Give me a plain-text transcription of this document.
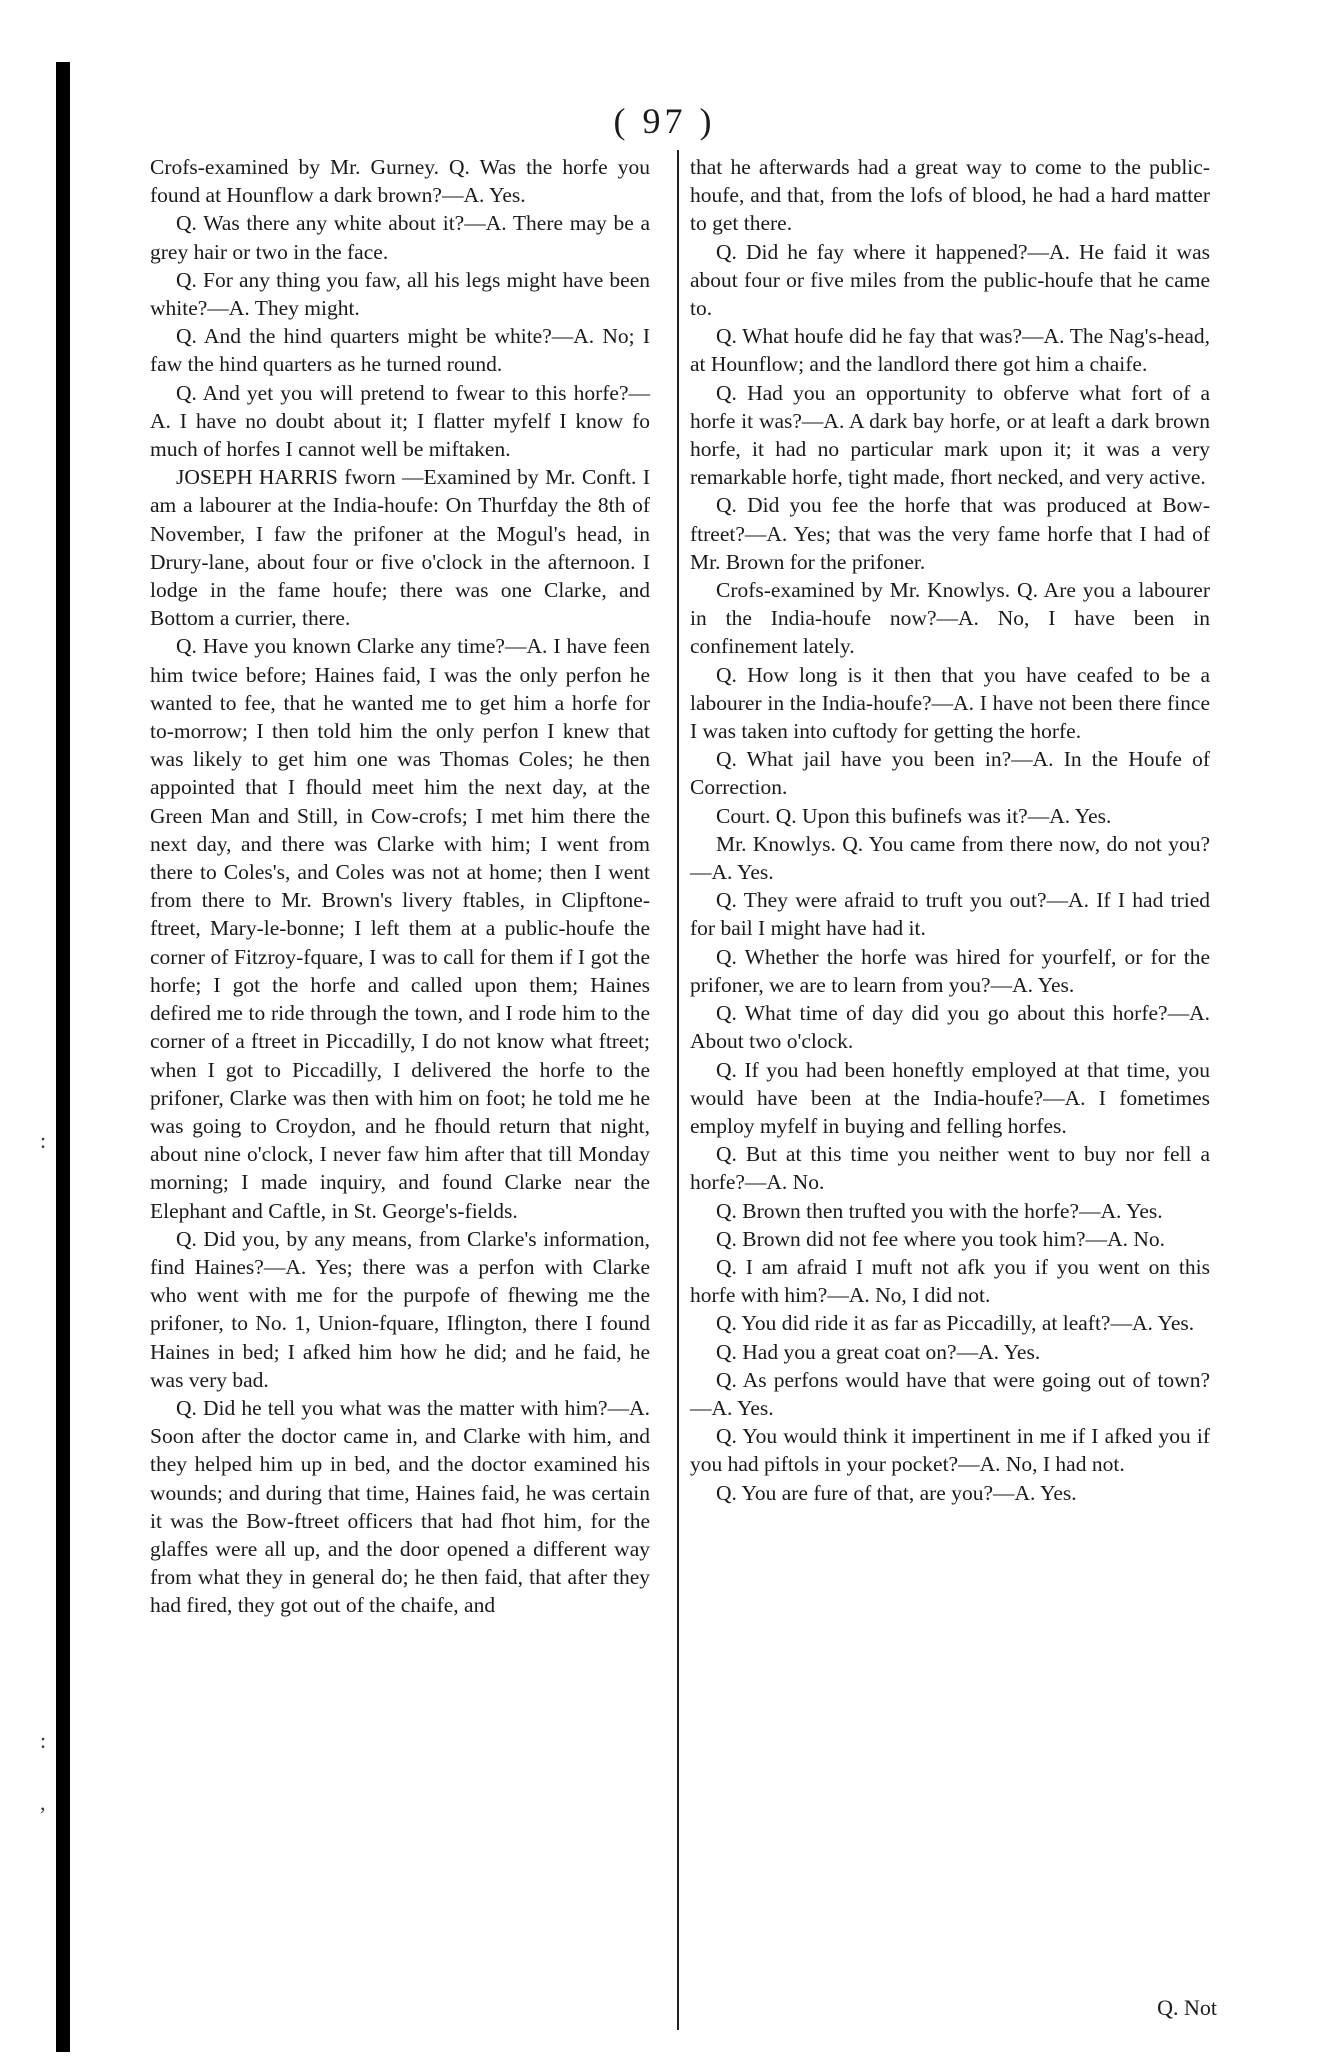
:
:
,
( 97 )

Crofs-examined by Mr. Gurney. Q. Was the horfe you found at Hounflow a dark brown?—A. Yes.

Q. Was there any white about it?—A. There may be a grey hair or two in the face.

Q. For any thing you faw, all his legs might have been white?—A. They might.

Q. And the hind quarters might be white?—A. No; I faw the hind quarters as he turned round.

Q. And yet you will pretend to fwear to this horfe?—A. I have no doubt about it; I flatter myfelf I know fo much of horfes I cannot well be miftaken.

JOSEPH HARRIS fworn —Examined by Mr. Conft. I am a labourer at the India-houfe: On Thurfday the 8th of November, I faw the prifoner at the Mogul's head, in Drury-lane, about four or five o'clock in the afternoon. I lodge in the fame houfe; there was one Clarke, and Bottom a currier, there.

Q. Have you known Clarke any time?—A. I have feen him twice before; Haines faid, I was the only perfon he wanted to fee, that he wanted me to get him a horfe for to-morrow; I then told him the only perfon I knew that was likely to get him one was Thomas Coles; he then appointed that I fhould meet him the next day, at the Green Man and Still, in Cow-crofs; I met him there the next day, and there was Clarke with him; I went from there to Coles's, and Coles was not at home; then I went from there to Mr. Brown's livery ftables, in Clipftone-ftreet, Mary-le-bonne; I left them at a public-houfe the corner of Fitzroy-fquare, I was to call for them if I got the horfe; I got the horfe and called upon them; Haines defired me to ride through the town, and I rode him to the corner of a ftreet in Piccadilly, I do not know what ftreet; when I got to Piccadilly, I delivered the horfe to the prifoner, Clarke was then with him on foot; he told me he was going to Croydon, and he fhould return that night, about nine o'clock, I never faw him after that till Monday morning; I made inquiry, and found Clarke near the Elephant and Caftle, in St. George's-fields.

Q. Did you, by any means, from Clarke's information, find Haines?—A. Yes; there was a perfon with Clarke who went with me for the purpofe of fhewing me the prifoner, to No. 1, Union-fquare, Iflington, there I found Haines in bed; I afked him how he did; and he faid, he was very bad.

Q. Did he tell you what was the matter with him?—A. Soon after the doctor came in, and Clarke with him, and they helped him up in bed, and the doctor examined his wounds; and during that time, Haines faid, he was certain it was the Bow-ftreet officers that had fhot him, for the glaffes were all up, and the door opened a different way from what they in general do; he then faid, that after they had fired, they got out of the chaife, and

that he afterwards had a great way to come to the public-houfe, and that, from the lofs of blood, he had a hard matter to get there.

Q. Did he fay where it happened?—A. He faid it was about four or five miles from the public-houfe that he came to.

Q. What houfe did he fay that was?—A. The Nag's-head, at Hounflow; and the landlord there got him a chaife.

Q. Had you an opportunity to obferve what fort of a horfe it was?—A. A dark bay horfe, or at leaft a dark brown horfe, it had no particular mark upon it; it was a very remarkable horfe, tight made, fhort necked, and very active.

Q. Did you fee the horfe that was produced at Bow-ftreet?—A. Yes; that was the very fame horfe that I had of Mr. Brown for the prifoner.

Crofs-examined by Mr. Knowlys. Q. Are you a labourer in the India-houfe now?—A. No, I have been in confinement lately.

Q. How long is it then that you have ceafed to be a labourer in the India-houfe?—A. I have not been there fince I was taken into cuftody for getting the horfe.

Q. What jail have you been in?—A. In the Houfe of Correction.

Court. Q. Upon this bufinefs was it?—A. Yes.

Mr. Knowlys. Q. You came from there now, do not you?—A. Yes.

Q. They were afraid to truft you out?—A. If I had tried for bail I might have had it.

Q. Whether the horfe was hired for yourfelf, or for the prifoner, we are to learn from you?—A. Yes.

Q. What time of day did you go about this horfe?—A. About two o'clock.

Q. If you had been honeftly employed at that time, you would have been at the India-houfe?—A. I fometimes employ myfelf in buying and felling horfes.

Q. But at this time you neither went to buy nor fell a horfe?—A. No.

Q. Brown then trufted you with the horfe?—A. Yes.

Q. Brown did not fee where you took him?—A. No.

Q. I am afraid I muft not afk you if you went on this horfe with him?—A. No, I did not.

Q. You did ride it as far as Piccadilly, at leaft?—A. Yes.

Q. Had you a great coat on?—A. Yes.

Q. As perfons would have that were going out of town?—A. Yes.

Q. You would think it impertinent in me if I afked you if you had piftols in your pocket?—A. No, I had not.

Q. You are fure of that, are you?—A. Yes.

Q. Not
